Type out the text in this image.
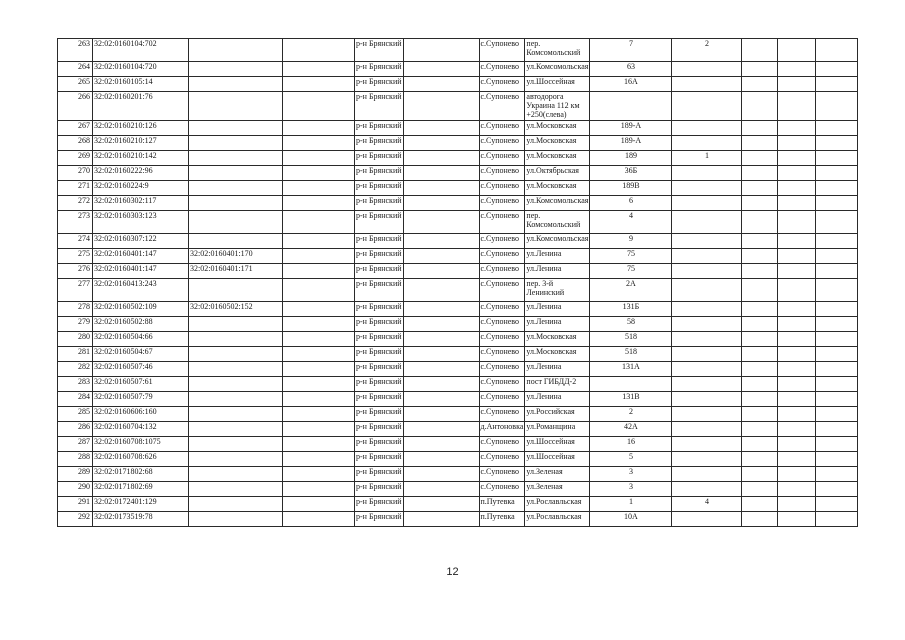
263	32:02:0160104:702			р-н Брянский		с.Супонево	пер. Комсомольский	7	2			
264	32:02:0160104:720			р-н Брянский		с.Супонево	ул.Комсомольская	63				
265	32:02:0160105:14			р-н Брянский		с.Супонево	ул.Шоссейная	16А				
266	32:02:0160201:76			р-н Брянский		с.Супонево	автодорога Украина 112 км +250(слева)					
267	32:02:0160210:126			р-н Брянский		с.Супонево	ул.Московская	189-А				
268	32:02:0160210:127			р-н Брянский		с.Супонево	ул.Московская	189-А				
269	32:02:0160210:142			р-н Брянский		с.Супонево	ул.Московская	189	1			
270	32:02:0160222:96			р-н Брянский		с.Супонево	ул.Октябрьская	36Б				
271	32:02:0160224:9			р-н Брянский		с.Супонево	ул.Московская	189В				
272	32:02:0160302:117			р-н Брянский		с.Супонево	ул.Комсомольская	6				
273	32:02:0160303:123			р-н Брянский		с.Супонево	пер. Комсомольский	4				
274	32:02:0160307:122			р-н Брянский		с.Супонево	ул.Комсомольская	9				
275	32:02:0160401:147	32:02:0160401:170		р-н Брянский		с.Супонево	ул.Ленина	75				
276	32:02:0160401:147	32:02:0160401:171		р-н Брянский		с.Супонево	ул.Ленина	75				
277	32:02:0160413:243			р-н Брянский		с.Супонево	пер. 3-й Ленинский	2А				
278	32:02:0160502:109	32:02:0160502:152		р-н Брянский		с.Супонево	ул.Ленина	131Б				
279	32:02:0160502:88			р-н Брянский		с.Супонево	ул.Ленина	58				
280	32:02:0160504:66			р-н Брянский		с.Супонево	ул.Московская	518				
281	32:02:0160504:67			р-н Брянский		с.Супонево	ул.Московская	518				
282	32:02:0160507:46			р-н Брянский		с.Супонево	ул.Ленина	131А				
283	32:02:0160507:61			р-н Брянский		с.Супонево	пост ГИБДД-2					
284	32:02:0160507:79			р-н Брянский		с.Супонево	ул.Ленина	131В				
285	32:02:0160606:160			р-н Брянский		с.Супонево	ул.Российская	2				
286	32:02:0160704:132			р-н Брянский		д.Антоновка	ул.Романщина	42А				
287	32:02:0160708:1075			р-н Брянский		с.Супонево	ул.Шоссейная	16				
288	32:02:0160708:626			р-н Брянский		с.Супонево	ул.Шоссейная	5				
289	32:02:0171802:68			р-н Брянский		с.Супонево	ул.Зеленая	3				
290	32:02:0171802:69			р-н Брянский		с.Супонево	ул.Зеленая	3				
291	32:02:0172401:129			р-н Брянский		п.Путевка	ул.Рославльская	1	4			
292	32:02:0173519:78			р-н Брянский		п.Путевка	ул.Рославльская	10А				
12
